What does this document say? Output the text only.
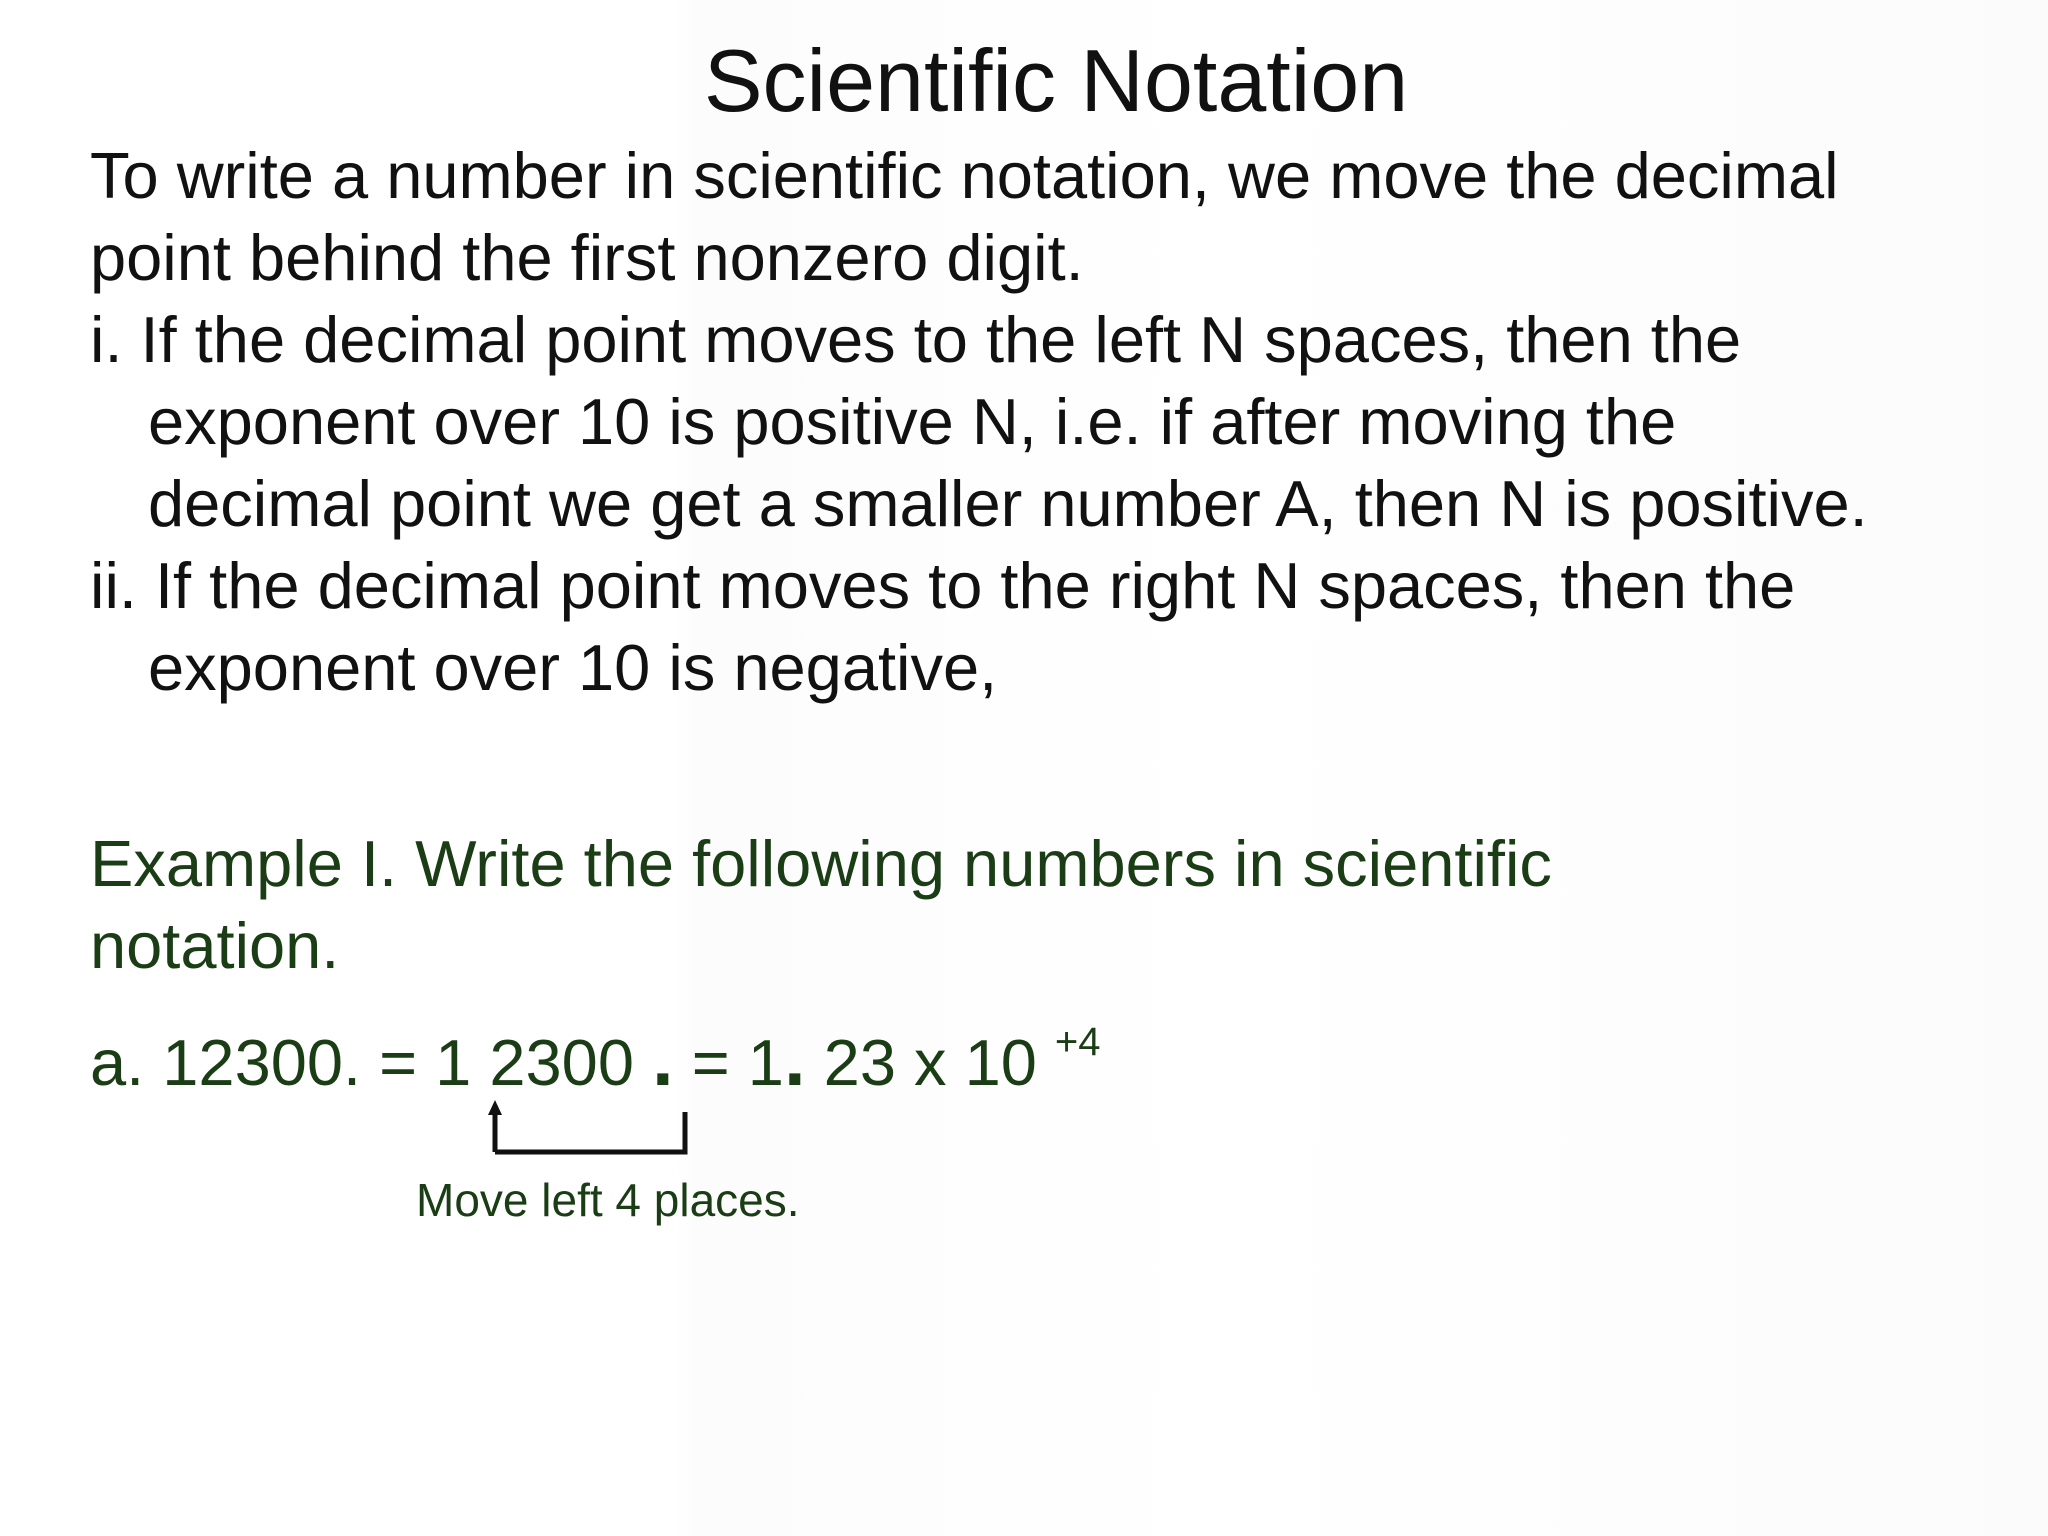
Scientific Notation
To write a number in scientific notation, we move the decimal
point behind the first nonzero digit.
i. If the decimal point moves to the left N spaces, then the
exponent over 10 is positive N, i.e. if after moving the
decimal point we get a smaller number A, then N is positive.
ii. If the decimal point moves to the right N spaces, then the
exponent over 10 is negative,
Example I. Write the following numbers in scientific
notation.
a. 12300. = 1 2300 . = 1. 23 x 10 $^{+4}$
Move left 4 places.
